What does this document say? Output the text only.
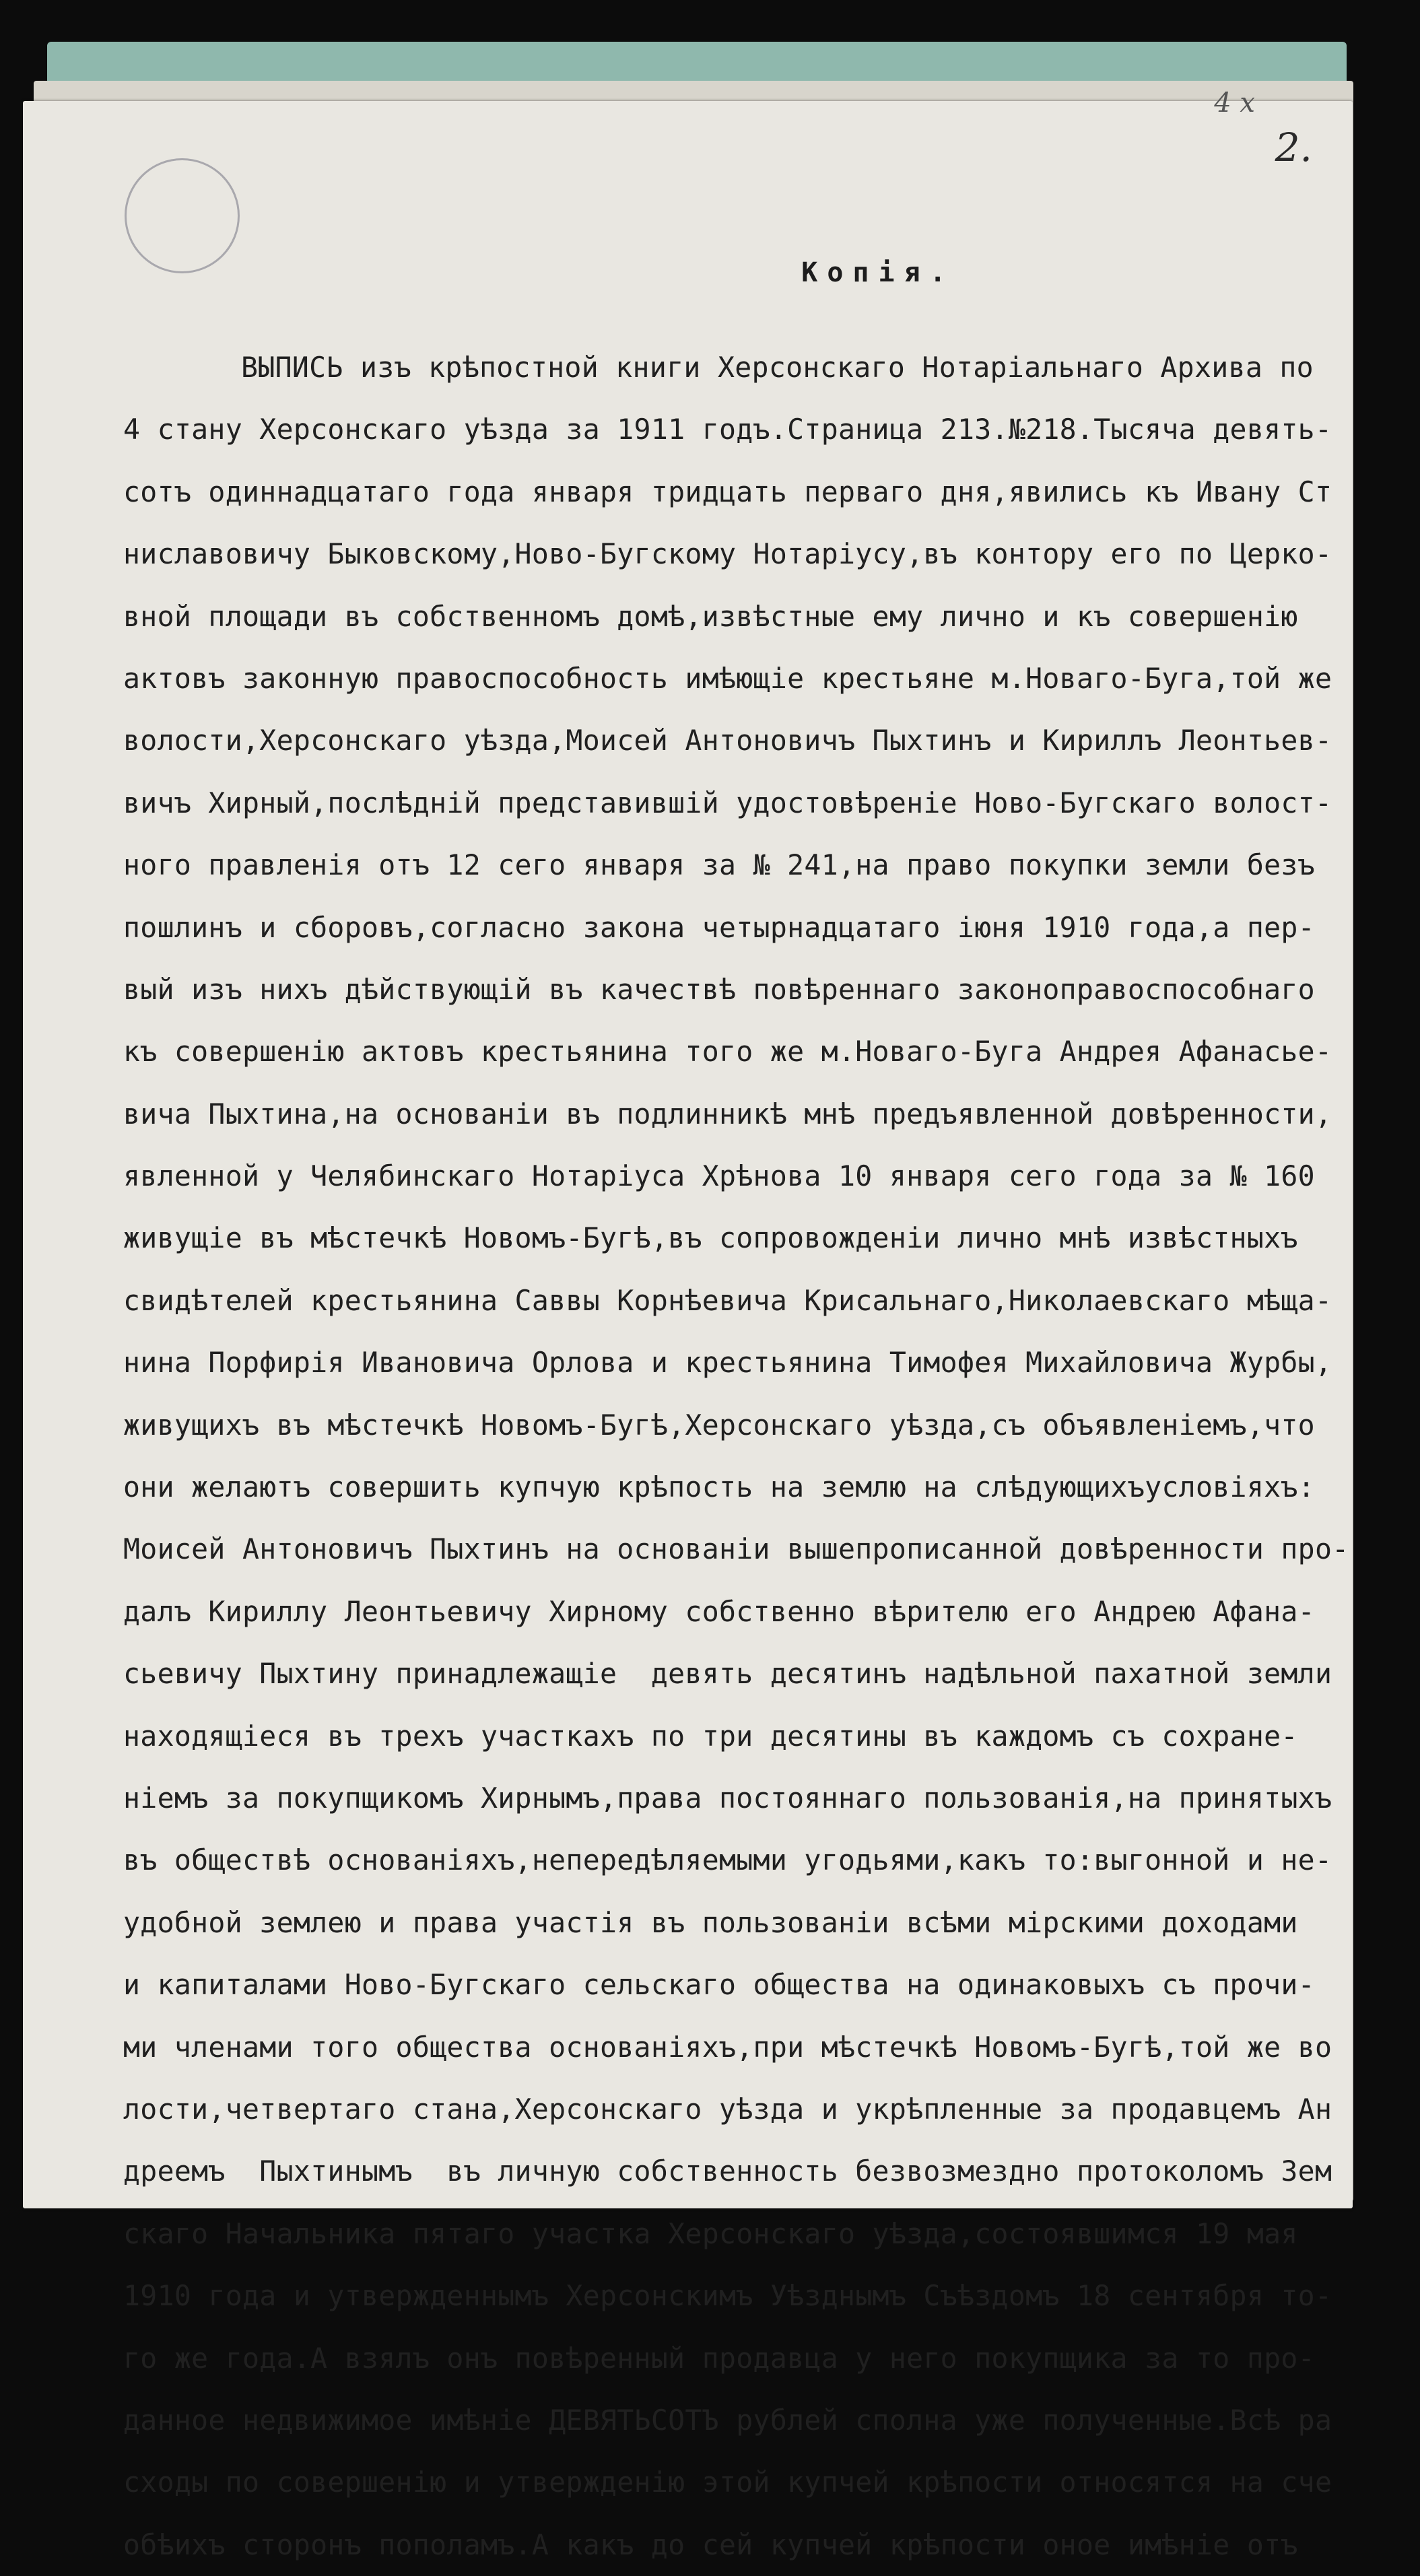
4 x
2.
Копія.
ВЫПИСЬ изъ крѣпостной книги Херсонскаго Нотаріальнаго Архива по
4 стану Херсонскаго уѣзда за 1911 годъ.Страница 213.№218.Тысяча девять-
сотъ одиннадцатаго года января тридцать перваго дня,явились къ Ивану Ст
ниславовичу Быковскому,Ново-Бугскому Нотаріусу,въ контору его по Церко-
вной площади въ собственномъ домѣ,извѣстные ему лично и къ совершенію
актовъ законную правоспособность имѣющіе крестьяне м.Новаго-Буга,той же
волости,Херсонскаго уѣзда,Моисей Антоновичъ Пыхтинъ и Кириллъ Леонтьев-
вичъ Хирный,послѣдній представившій удостовѣреніе Ново-Бугскаго волост-
ного правленія отъ 12 сего января за № 241,на право покупки земли безъ
пошлинъ и сборовъ,согласно закона четырнадцатаго іюня 1910 года,а пер-
вый изъ нихъ дѣйствующій въ качествѣ повѣреннаго законоправоспособнаго
къ совершенію актовъ крестьянина того же м.Новаго-Буга Андрея Афанасье-
вича Пыхтина,на основаніи въ подлинникѣ мнѣ предъявленной довѣренности,
явленной у Челябинскаго Нотаріуса Хрѣнова 10 января сего года за № 160
живущіе въ мѣстечкѣ Новомъ-Бугѣ,въ сопровожденіи лично мнѣ извѣстныхъ
свидѣтелей крестьянина Саввы Корнѣевича Крисальнаго,Николаевскаго мѣща-
нина Порфирія Ивановича Орлова и крестьянина Тимофея Михайловича Журбы,
живущихъ въ мѣстечкѣ Новомъ-Бугѣ,Херсонскаго уѣзда,съ объявленіемъ,что
они желаютъ совершить купчую крѣпость на землю на слѣдующихъусловіяхъ:
Моисей Антоновичъ Пыхтинъ на основаніи вышепрописанной довѣренности про-
далъ Кириллу Леонтьевичу Хирному собственно вѣрителю его Андрею Афана-
сьевичу Пыхтину принадлежащіе  девять десятинъ надѣльной пахатной земли
находящіеся въ трехъ участкахъ по три десятины въ каждомъ съ сохране-
ніемъ за покупщикомъ Хирнымъ,права постояннаго пользованія,на принятыхъ
въ обществѣ основаніяхъ,непередѣляемыми угодьями,какъ то:выгонной и не-
удобной землею и права участія въ пользованіи всѣми мірскими доходами
и капиталами Ново-Бугскаго сельскаго общества на одинаковыхъ съ прочи-
ми членами того общества основаніяхъ,при мѣстечкѣ Новомъ-Бугѣ,той же во
лости,четвертаго стана,Херсонскаго уѣзда и укрѣпленные за продавцемъ Ан
дреемъ  Пыхтинымъ  въ личную собственность безвозмездно протоколомъ Зем
скаго Начальника пятаго участка Херсонскаго уѣзда,состоявшимся 19 мая
1910 года и утвержденнымъ Херсонскимъ Уѣзднымъ Съѣздомъ 18 сентября то-
го же года.А взялъ онъ повѣренный продавца у него покупщика за то про-
данное недвижимое имѣніе ДЕВЯТЬСОТЪ рублей сполна уже полученные.Всѣ ра
сходы по совершенію и утвержденію этой купчей крѣпости относятся на сче
обѣихъ сторонъ пополамъ.А какъ до сей купчей крѣпости оное имѣніе отъ
